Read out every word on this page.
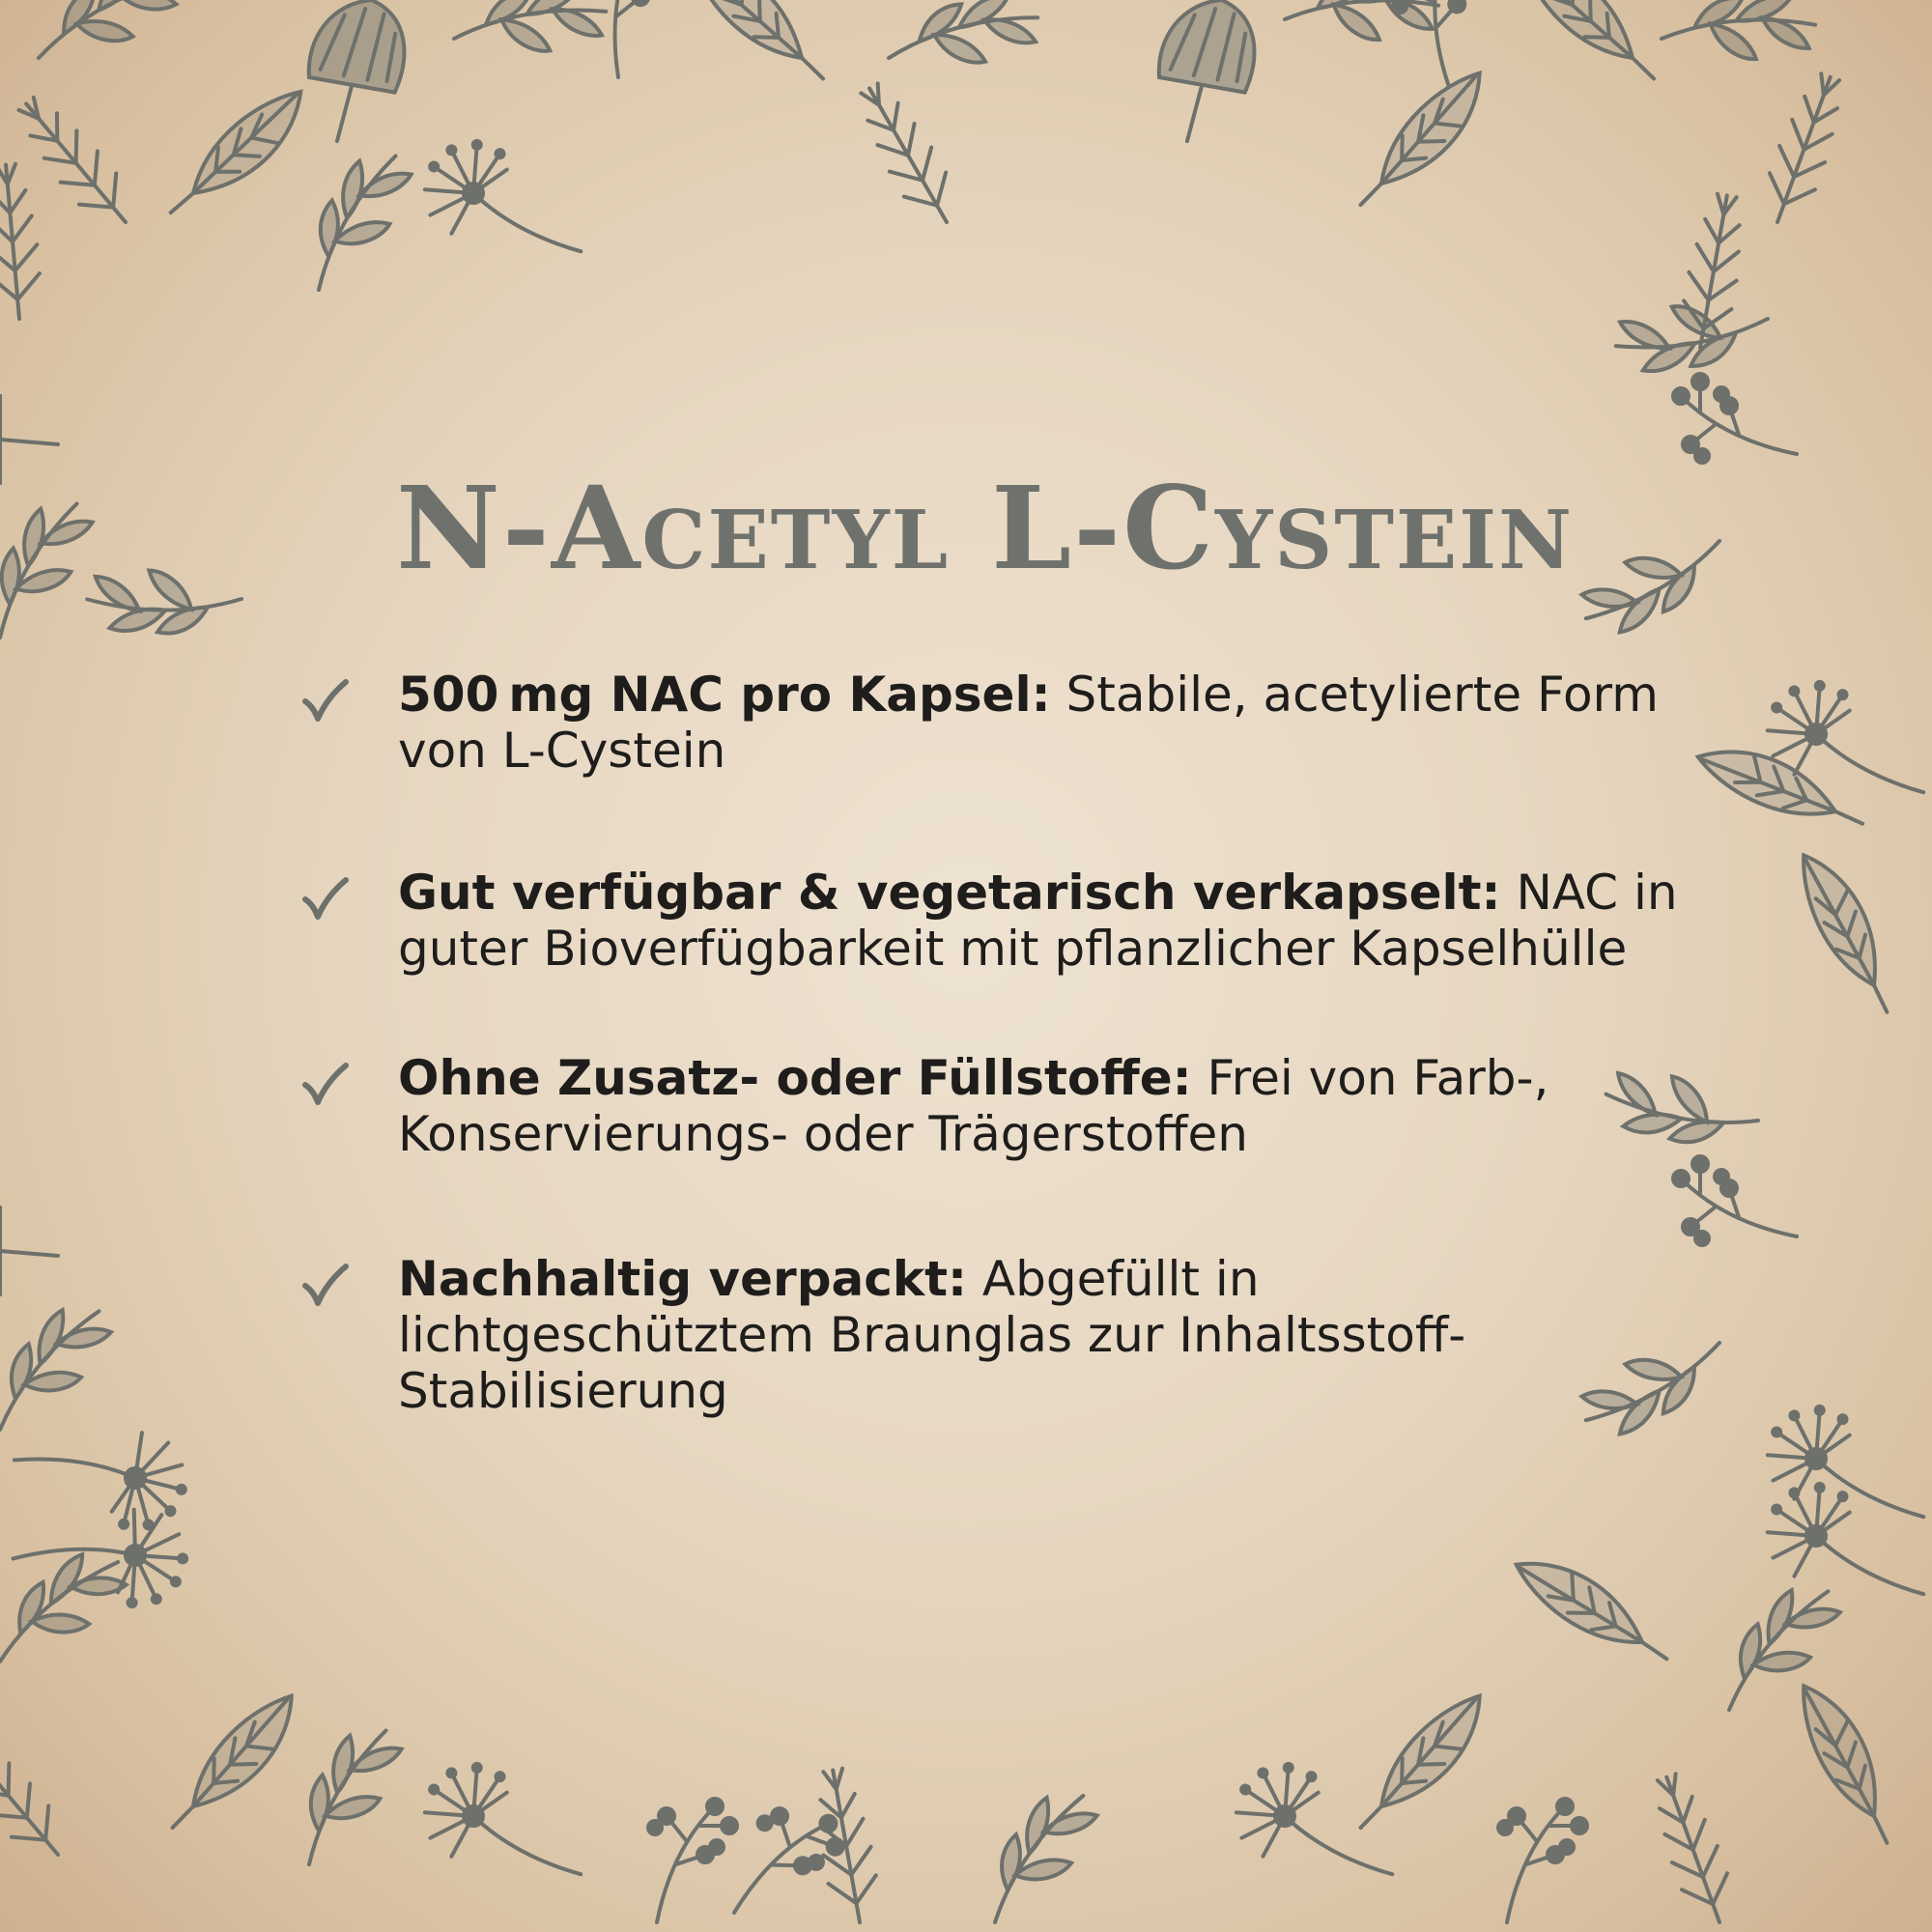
N-Acetyl L-Cystein
500 mg NAC pro Kapsel: Stabile, acetylierte Form von L-Cystein
Gut verfügbar & vegetarisch verkapselt: NAC in guter Bioverfügbarkeit mit pflanzlicher Kapselhülle
Ohne Zusatz- oder Füllstoffe: Frei von Farb-, Konservierungs- oder Trägerstoffen
Nachhaltig verpackt: Abgefüllt in lichtgeschütztem Braunglas zur Inhaltsstoff-Stabilisierung
